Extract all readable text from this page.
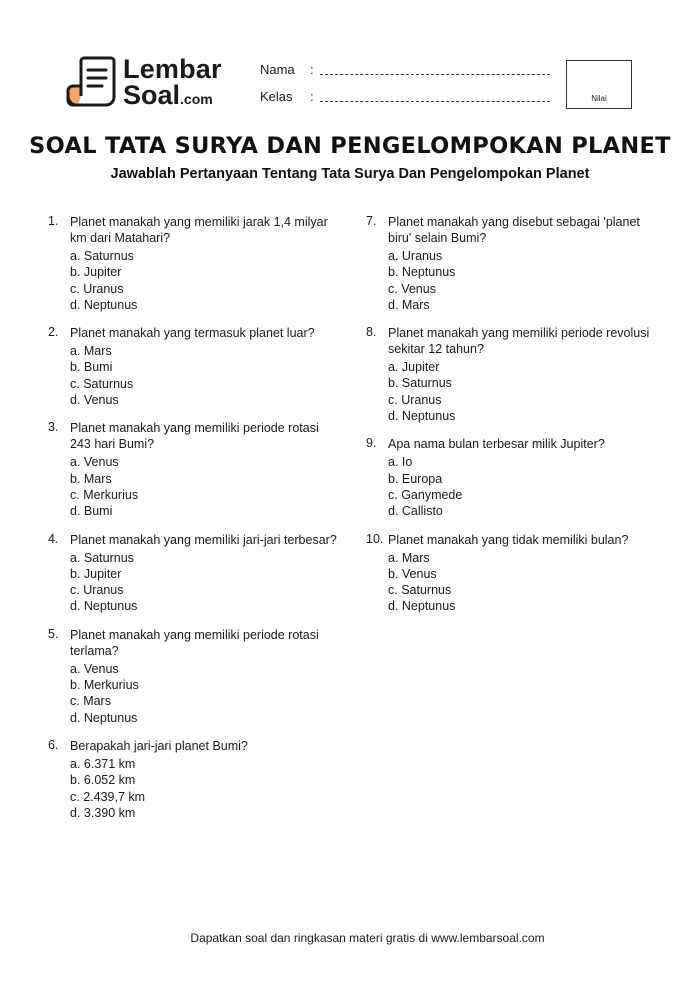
Lembar
Soal.com
Nama :
Kelas :	Nilai
SOAL TATA SURYA DAN PENGELOMPOKAN PLANET
Jawablah Pertanyaan Tentang Tata Surya Dan Pengelompokan Planet
1. Planet manakah yang memiliki jarak 1,4 milyar km dari Matahari?
a. Saturnus
b. Jupiter
c. Uranus
d. Neptunus
2. Planet manakah yang termasuk planet luar?
a. Mars
b. Bumi
c. Saturnus
d. Venus
3. Planet manakah yang memiliki periode rotasi 243 hari Bumi?
a. Venus
b. Mars
c. Merkurius
d. Bumi
4. Planet manakah yang memiliki jari-jari terbesar?
a. Saturnus
b. Jupiter
c. Uranus
d. Neptunus
5. Planet manakah yang memiliki periode rotasi terlama?
a. Venus
b. Merkurius
c. Mars
d. Neptunus
6. Berapakah jari-jari planet Bumi?
a. 6.371 km
b. 6.052 km
c. 2.439,7 km
d. 3.390 km
7. Planet manakah yang disebut sebagai 'planet biru' selain Bumi?
a. Uranus
b. Neptunus
c. Venus
d. Mars
8. Planet manakah yang memiliki periode revolusi sekitar 12 tahun?
a. Jupiter
b. Saturnus
c. Uranus
d. Neptunus
9. Apa nama bulan terbesar milik Jupiter?
a. Io
b. Europa
c. Ganymede
d. Callisto
10. Planet manakah yang tidak memiliki bulan?
a. Mars
b. Venus
c. Saturnus
d. Neptunus
Dapatkan soal dan ringkasan materi gratis di www.lembarsoal.com
